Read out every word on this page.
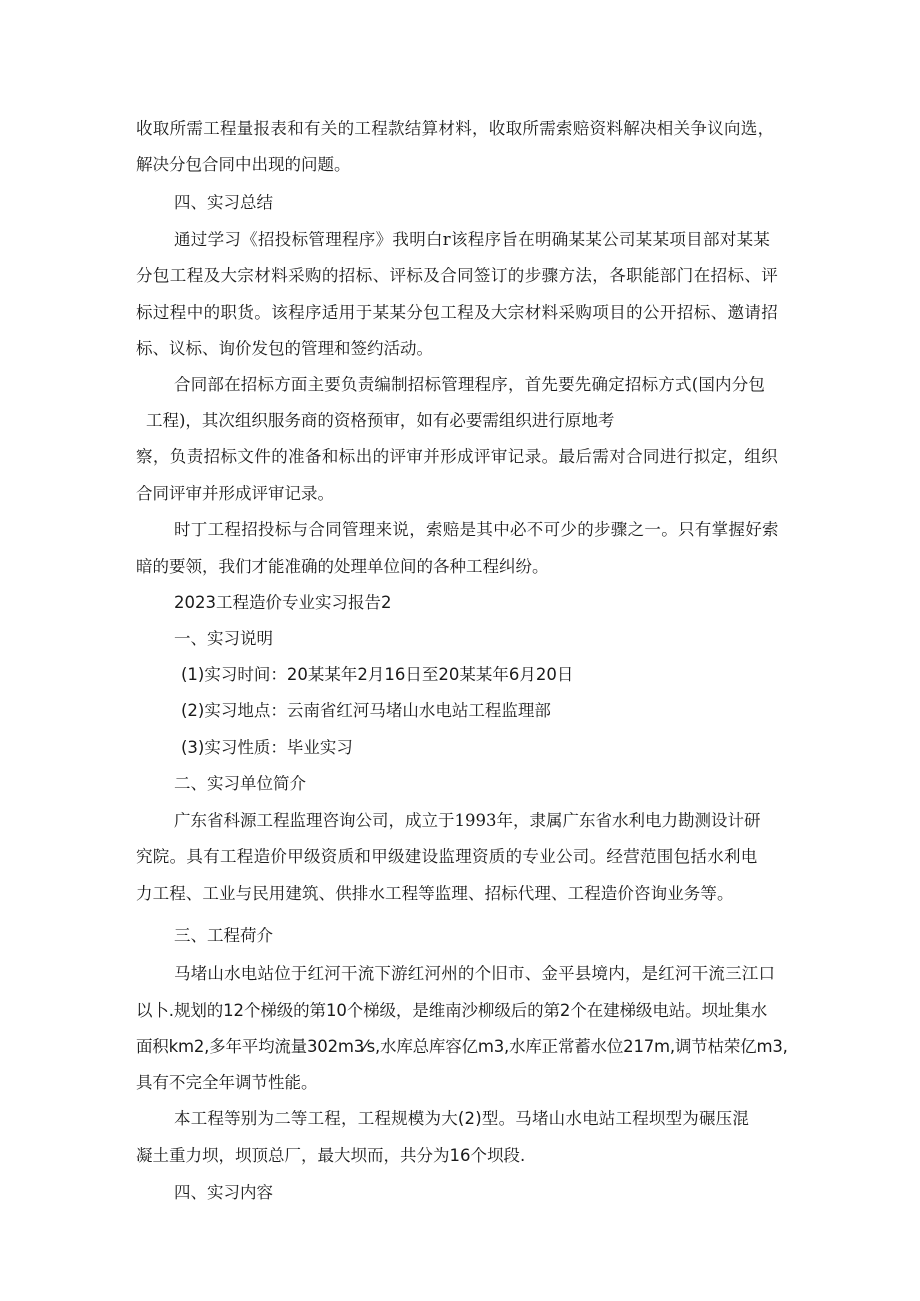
收取所需工程量报表和有关的工程款结算材料，收取所需索赔资料解决相关争议向选，
解决分包合同中出现的问题。
四、实习总结
通过学习《招投标管理程序》我明白r该程序旨在明确某某公司某某项目部对某某
分包工程及大宗材料采购的招标、评标及合同签订的步骤方法，各职能部门在招标、评
标过程中的职货。该程序适用于某某分包工程及大宗材料采购项目的公开招标、邀请招
标、议标、询价发包的管理和签约活动。
合同部在招标方面主要负责编制招标管理程序，首先要先确定招标方式(国内分包
工程)，其次组织服务商的资格预审，如有必要需组织进行原地考
察，负责招标文件的准备和标出的评审并形成评审记录。最后需对合同进行拟定，组织
合同评审并形成评审记录。
时丁工程招投标与合同管理来说，索赔是其中必不可少的步骤之一。只有掌握好索
暗的要领，我们才能准确的处理单位间的各种工程纠纷。
2023工程造价专业实习报告2
一、实习说明
(1)实习时间：20某某年2月16日至20某某年6月20日
(2)实习地点：云南省红河马堵山水电站工程监理部
(3)实习性质：毕业实习
二、实习单位简介
广东省科源工程监理咨询公司，成立于1993年，隶属广东省水利电力勘测设计研
究院。具有工程造价甲级资质和甲级建设监理资质的专业公司。经营范围包括水利电
力工程、工业与民用建筑、供排水工程等监理、招标代理、工程造价咨询业务等。
三、工程荷介
马堵山水电站位于红河干流下游红河州的个旧市、金平县境内，是红河干流三江口
以卜.规划的12个梯级的第10个梯级，是维南沙柳级后的第2个在建梯级电站。坝址集水
面积km2,多年平均流量302m3⁄s,水库总库容亿m3,水库正常蓄水位217m,调节枯荣亿m3,
具有不完全年调节性能。
本工程等别为二等工程，工程规模为大(2)型。马堵山水电站工程坝型为碾压混
凝土重力坝，坝顶总厂，最大坝而，共分为16个坝段.
四、实习内容
